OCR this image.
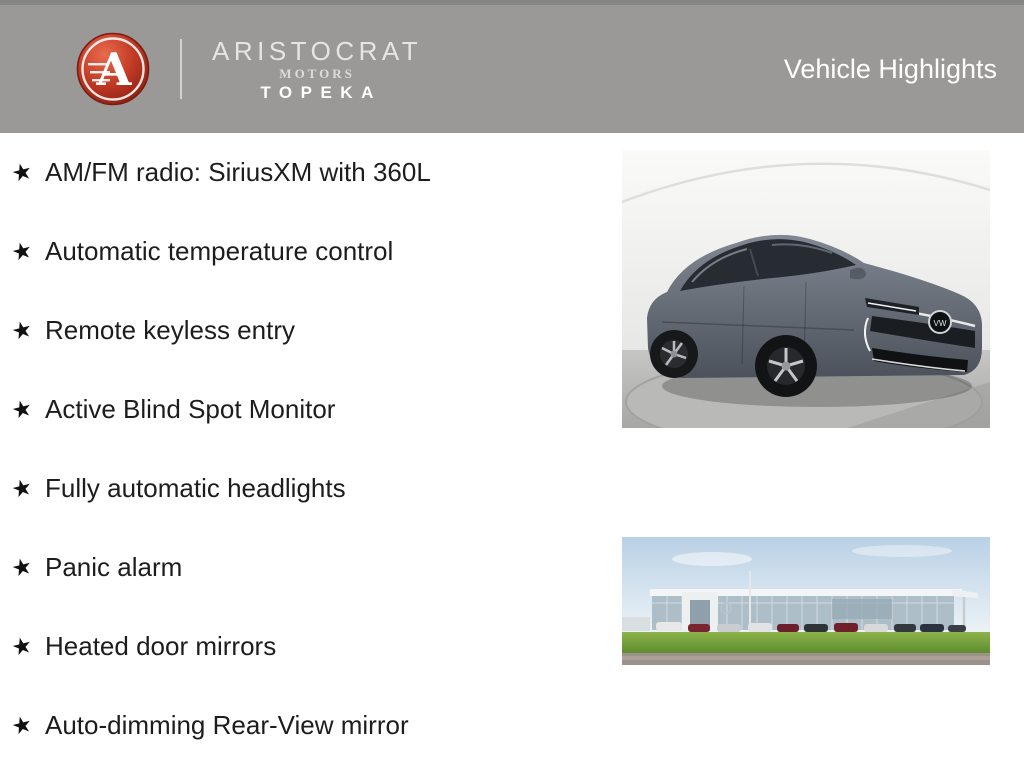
A	ARISTOCRAT
MOTORS
TOPEKA
Vehicle Highlights
★ AM/FM radio: SiriusXM with 360L
★ Automatic temperature control
★ Remote keyless entry
★ Active Blind Spot Monitor
★ Fully automatic headlights
★ Panic alarm
★ Heated door mirrors
★ Auto-dimming Rear-View mirror
VW
